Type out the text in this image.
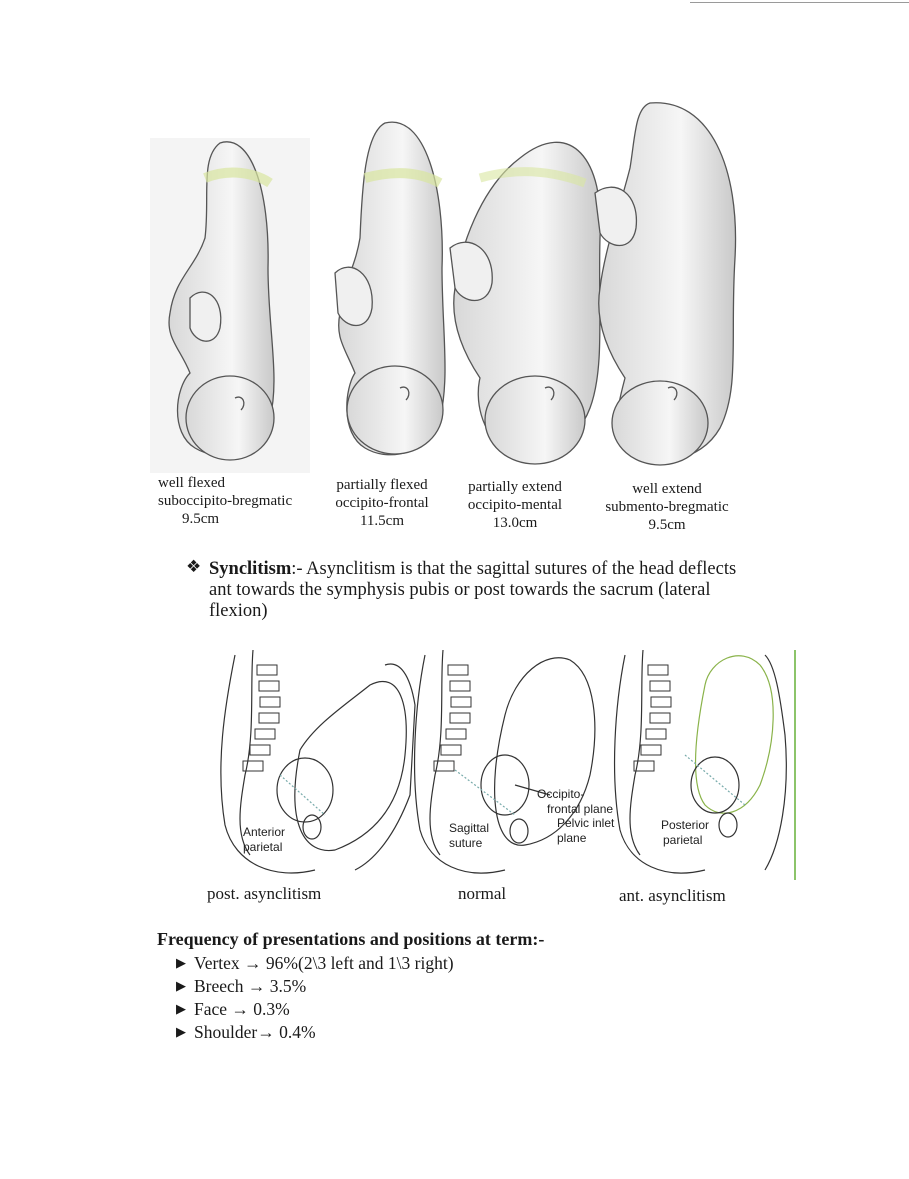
well flexed
suboccipito-bregmatic
9.5cm
partially flexed
occipito-frontal
11.5cm
partially extend
occipito-mental
13.0cm
well extend
submento-bregmatic
9.5cm
❖ Synclitism:- Asynclitism is that the sagittal sutures of the head deflects ant towards the symphysis pubis or post towards the sacrum (lateral flexion)
Anterior
parietal
Sagittal
suture
Occipito-
frontal plane
Pelvic inlet
plane
Posterior
parietal
post. asynclitism	normal	ant. asynclitism
Frequency of presentations and positions at term:-
▶ Vertex → 96%(2\3 left and 1\3 right)
▶ Breech → 3.5%
▶ Face → 0.3%
▶ Shoulder→ 0.4%
